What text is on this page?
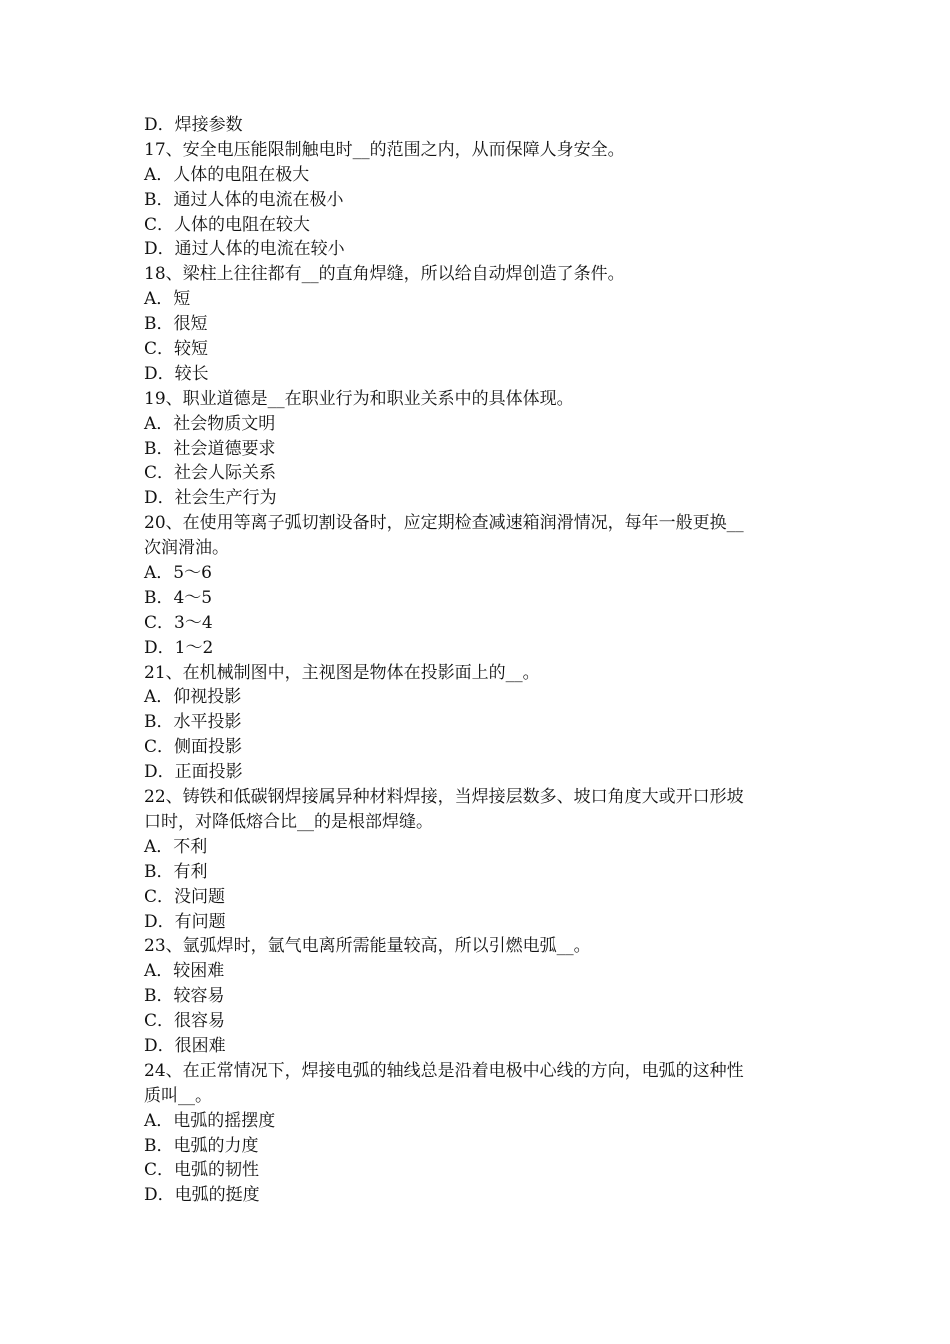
D．焊接参数
17、安全电压能限制触电时__的范围之内，从而保障人身安全。
A．人体的电阻在极大
B．通过人体的电流在极小
C．人体的电阻在较大
D．通过人体的电流在较小
18、梁柱上往往都有__的直角焊缝，所以给自动焊创造了条件。
A．短
B．很短
C．较短
D．较长
19、职业道德是__在职业行为和职业关系中的具体体现。
A．社会物质文明
B．社会道德要求
C．社会人际关系
D．社会生产行为
20、在使用等离子弧切割设备时，应定期检查减速箱润滑情况，每年一般更换__
次润滑油。
A．5～6
B．4～5
C．3～4
D．1～2
21、在机械制图中，主视图是物体在投影面上的__。
A．仰视投影
B．水平投影
C．侧面投影
D．正面投影
22、铸铁和低碳钢焊接属异种材料焊接，当焊接层数多、坡口角度大或开口形坡
口时，对降低熔合比__的是根部焊缝。
A．不利
B．有利
C．没问题
D．有问题
23、氩弧焊时，氩气电离所需能量较高，所以引燃电弧__。
A．较困难
B．较容易
C．很容易
D．很困难
24、在正常情况下，焊接电弧的轴线总是沿着电极中心线的方向，电弧的这种性
质叫__。
A．电弧的摇摆度
B．电弧的力度
C．电弧的韧性
D．电弧的挺度
